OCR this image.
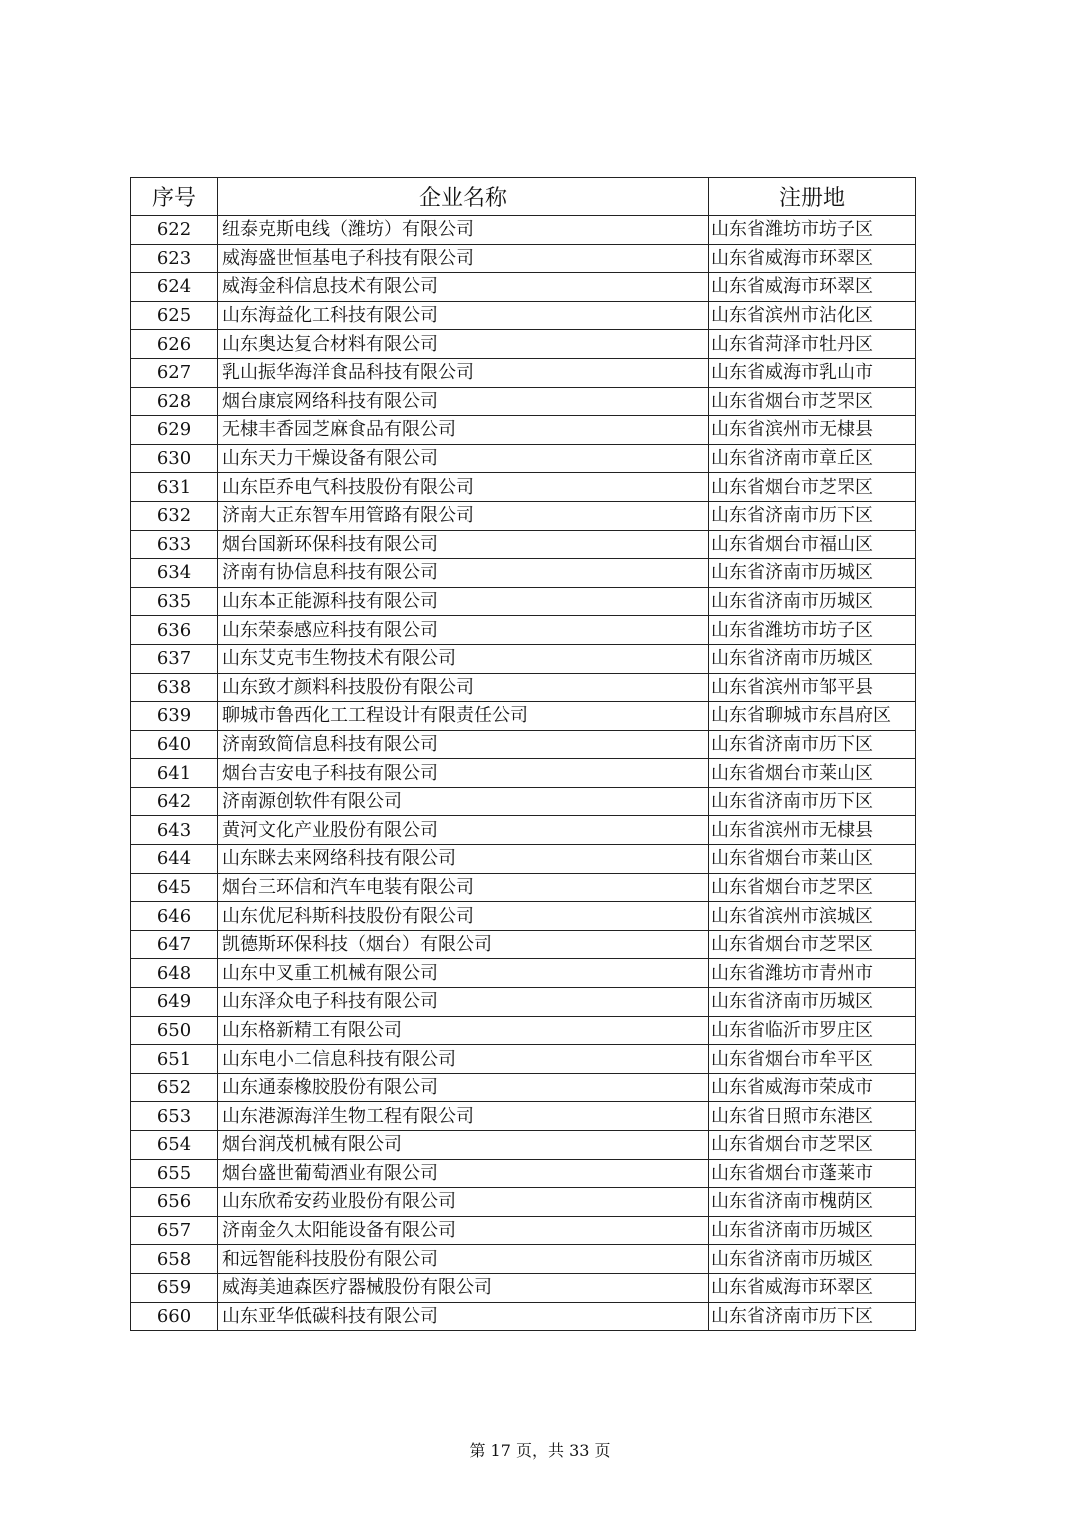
序号	企业名称	注册地
622	纽泰克斯电线（潍坊）有限公司	山东省潍坊市坊子区
623	威海盛世恒基电子科技有限公司	山东省威海市环翠区
624	威海金科信息技术有限公司	山东省威海市环翠区
625	山东海益化工科技有限公司	山东省滨州市沾化区
626	山东奥达复合材料有限公司	山东省菏泽市牡丹区
627	乳山振华海洋食品科技有限公司	山东省威海市乳山市
628	烟台康宸网络科技有限公司	山东省烟台市芝罘区
629	无棣丰香园芝麻食品有限公司	山东省滨州市无棣县
630	山东天力干燥设备有限公司	山东省济南市章丘区
631	山东臣乔电气科技股份有限公司	山东省烟台市芝罘区
632	济南大正东智车用管路有限公司	山东省济南市历下区
633	烟台国新环保科技有限公司	山东省烟台市福山区
634	济南有协信息科技有限公司	山东省济南市历城区
635	山东本正能源科技有限公司	山东省济南市历城区
636	山东荣泰感应科技有限公司	山东省潍坊市坊子区
637	山东艾克韦生物技术有限公司	山东省济南市历城区
638	山东致才颜料科技股份有限公司	山东省滨州市邹平县
639	聊城市鲁西化工工程设计有限责任公司	山东省聊城市东昌府区
640	济南致简信息科技有限公司	山东省济南市历下区
641	烟台吉安电子科技有限公司	山东省烟台市莱山区
642	济南源创软件有限公司	山东省济南市历下区
643	黄河文化产业股份有限公司	山东省滨州市无棣县
644	山东眯去来网络科技有限公司	山东省烟台市莱山区
645	烟台三环信和汽车电装有限公司	山东省烟台市芝罘区
646	山东优尼科斯科技股份有限公司	山东省滨州市滨城区
647	凯德斯环保科技（烟台）有限公司	山东省烟台市芝罘区
648	山东中叉重工机械有限公司	山东省潍坊市青州市
649	山东泽众电子科技有限公司	山东省济南市历城区
650	山东格新精工有限公司	山东省临沂市罗庄区
651	山东电小二信息科技有限公司	山东省烟台市牟平区
652	山东通泰橡胶股份有限公司	山东省威海市荣成市
653	山东港源海洋生物工程有限公司	山东省日照市东港区
654	烟台润茂机械有限公司	山东省烟台市芝罘区
655	烟台盛世葡萄酒业有限公司	山东省烟台市蓬莱市
656	山东欣希安药业股份有限公司	山东省济南市槐荫区
657	济南金久太阳能设备有限公司	山东省济南市历城区
658	和远智能科技股份有限公司	山东省济南市历城区
659	威海美迪森医疗器械股份有限公司	山东省威海市环翠区
660	山东亚华低碳科技有限公司	山东省济南市历下区
第 17 页，共 33 页
